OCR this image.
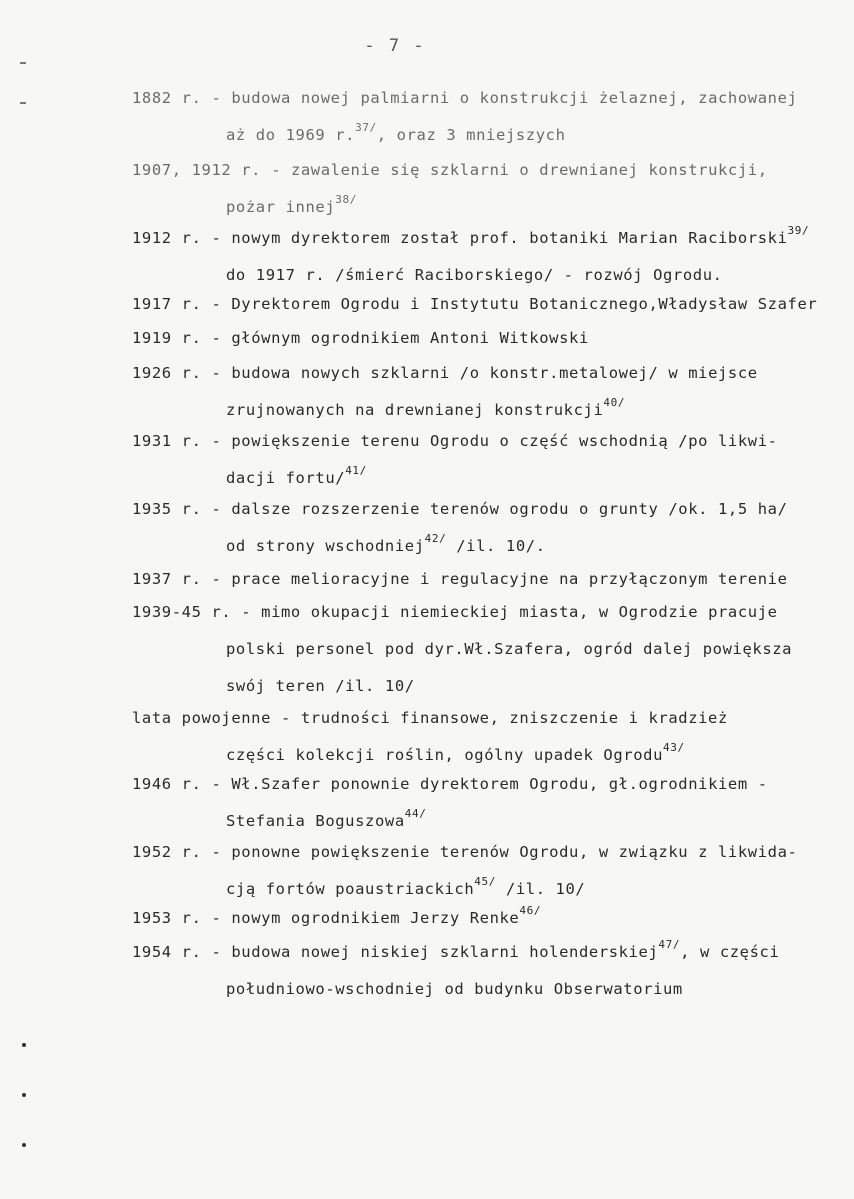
- 7 -
1882 r. - budowa nowej palmiarni o konstrukcji żelaznej, zachowanej
aż do 1969 r.$^{37/}$, oraz 3 mniejszych
1907, 1912 r. - zawalenie się szklarni o drewnianej konstrukcji,
pożar innej$^{38/}$
1912 r. - nowym dyrektorem został prof. botaniki Marian Raciborski$^{39/}$
do 1917 r. /śmierć Raciborskiego/ - rozwój Ogrodu.
1917 r. - Dyrektorem Ogrodu i Instytutu Botanicznego,Władysław Szafer
1919 r. - głównym ogrodnikiem Antoni Witkowski
1926 r. - budowa nowych szklarni /o konstr.metalowej/ w miejsce
zrujnowanych na drewnianej konstrukcji$^{40/}$
1931 r. - powiększenie terenu Ogrodu o część wschodnią /po likwi-
dacji fortu/$^{41/}$
1935 r. - dalsze rozszerzenie terenów ogrodu o grunty /ok. 1,5 ha/
od strony wschodniej$^{42/}$ /il. 10/.
1937 r. - prace melioracyjne i regulacyjne na przyłączonym terenie
1939-45 r. - mimo okupacji niemieckiej miasta, w Ogrodzie pracuje
polski personel pod dyr.Wł.Szafera, ogród dalej powiększa
swój teren /il. 10/
lata powojenne - trudności finansowe, zniszczenie i kradzież
części kolekcji roślin, ogólny upadek Ogrodu$^{43/}$
1946 r. - Wł.Szafer ponownie dyrektorem Ogrodu, gł.ogrodnikiem -
Stefania Boguszowa$^{44/}$
1952 r. - ponowne powiększenie terenów Ogrodu, w związku z likwida-
cją fortów poaustriackich$^{45/}$ /il. 10/
1953 r. - nowym ogrodnikiem Jerzy Renke$^{46/}$
1954 r. - budowa nowej niskiej szklarni holenderskiej$^{47/}$, w części
południowo-wschodniej od budynku Obserwatorium
